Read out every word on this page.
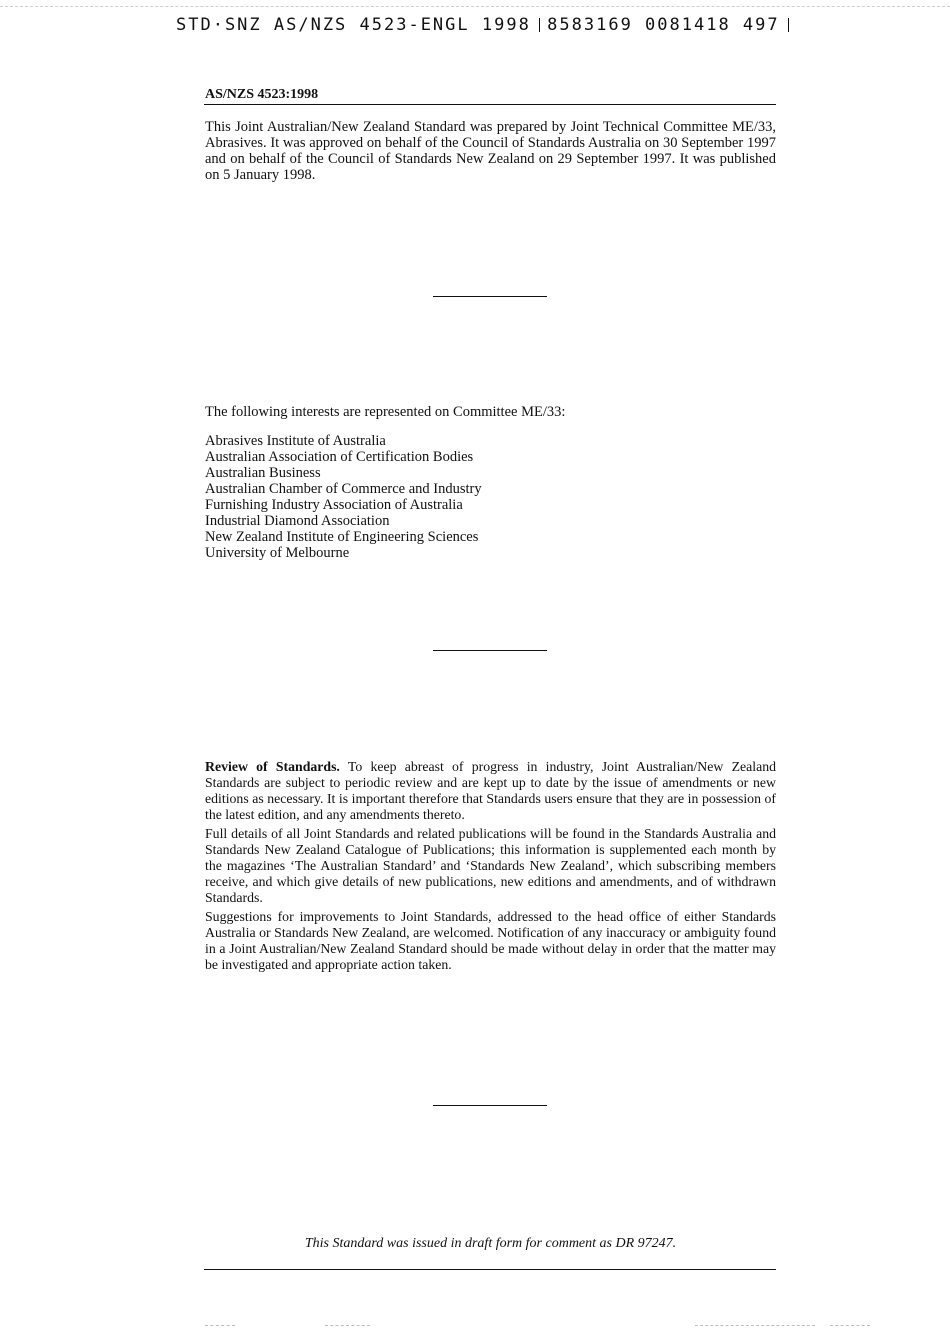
STD·SNZ AS/NZS 4523-ENGL 1998 8583169 0081418 497
AS/NZS 4523:1998
This Joint Australian/New Zealand Standard was prepared by Joint Technical Committee ME/33, Abrasives. It was approved on behalf of the Council of Standards Australia on 30 September 1997 and on behalf of the Council of Standards New Zealand on 29 September 1997. It was published on 5 January 1998.
The following interests are represented on Committee ME/33:
Abrasives Institute of Australia
Australian Association of Certification Bodies
Australian Business
Australian Chamber of Commerce and Industry
Furnishing Industry Association of Australia
Industrial Diamond Association
New Zealand Institute of Engineering Sciences
University of Melbourne

Review of Standards. To keep abreast of progress in industry, Joint Australian/New Zealand Standards are subject to periodic review and are kept up to date by the issue of amendments or new editions as necessary. It is important therefore that Standards users ensure that they are in possession of the latest edition, and any amendments thereto.

Full details of all Joint Standards and related publications will be found in the Standards Australia and Standards New Zealand Catalogue of Publications; this information is supplemented each month by the magazines ‘The Australian Standard’ and ‘Standards New Zealand’, which subscribing members receive, and which give details of new publications, new editions and amendments, and of withdrawn Standards.

Suggestions for improvements to Joint Standards, addressed to the head office of either Standards Australia or Standards New Zealand, are welcomed. Notification of any inaccuracy or ambiguity found in a Joint Australian/New Zealand Standard should be made without delay in order that the matter may be investigated and appropriate action taken.

This Standard was issued in draft form for comment as DR 97247.
